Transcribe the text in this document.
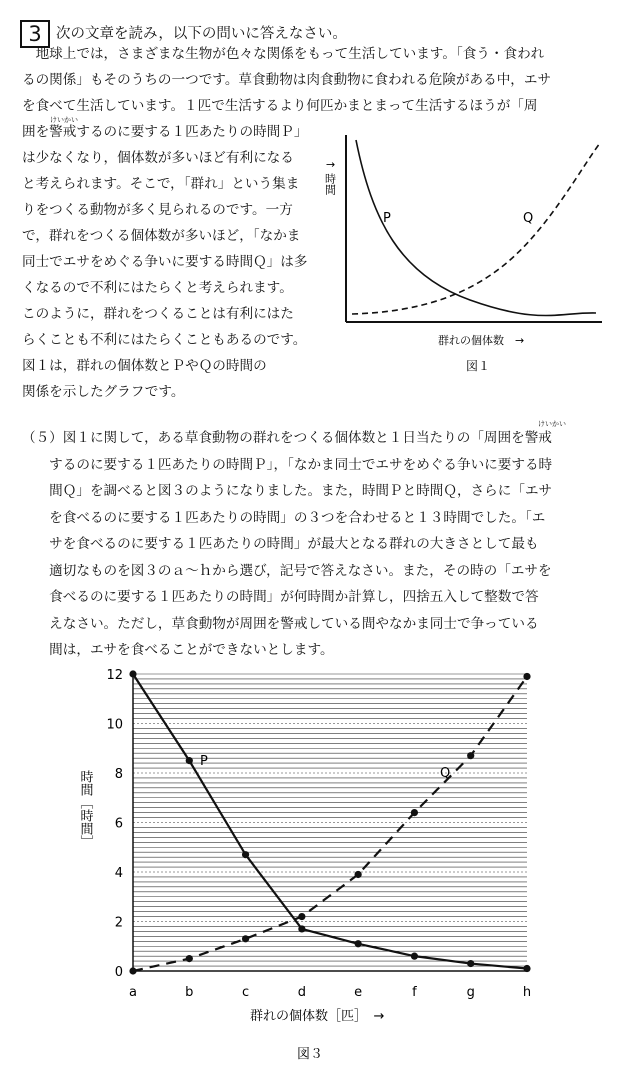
3 次の文章を読み，以下の問いに答えなさい。
　地球上では，さまざまな生物が色々な関係をもって生活しています。「食う・食われ
るの関係」もそのうちの一つです。草食動物は肉食動物に食われる危険がある中，エサ
を食べて生活しています。１匹で生活するより何匹かまとまって生活するほうが「周
囲を警戒するのに要する１匹あたりの時間Ｐ」
は少なくなり，個体数が多いほど有利になる
と考えられます。そこで，「群れ」という集ま
りをつくる動物が多く見られるのです。一方
で，群れをつくる個体数が多いほど，「なかま
同士でエサをめぐる争いに要する時間Ｑ」は多
くなるので不利にはたらくと考えられます。
このように，群れをつくることは有利にはた
らくことも不利にはたらくこともあるのです。
図１は，群れの個体数とＰやＱの時間の
関係を示したグラフです。
けいかい
P	Q
↑ 時間
群れの個体数　→
図１
（５）図１に関して，ある草食動物の群れをつくる個体数と１日当たりの「周囲を警戒
　　するのに要する１匹あたりの時間Ｐ」，「なかま同士でエサをめぐる争いに要する時
　　間Ｑ」を調べると図３のようになりました。また，時間Ｐと時間Ｑ，さらに「エサ
　　を食べるのに要する１匹あたりの時間」の３つを合わせると１３時間でした。「エ
　　サを食べるのに要する１匹あたりの時間」が最大となる群れの大きさとして最も
　　適切なものを図３のａ～ｈから選び，記号で答えなさい。また，その時の「エサを
　　食べるのに要する１匹あたりの時間」が何時間か計算し，四捨五入して整数で答
　　えなさい。ただし，草食動物が周囲を警戒している間やなかま同士で争っている
　　間は，エサを食べることができないとします。
けいかい
0
2
4
6
8
10
12
a	b	c	d	e	f	g	h
P
Q
時間［時間］
群れの個体数［匹］　→
図３
